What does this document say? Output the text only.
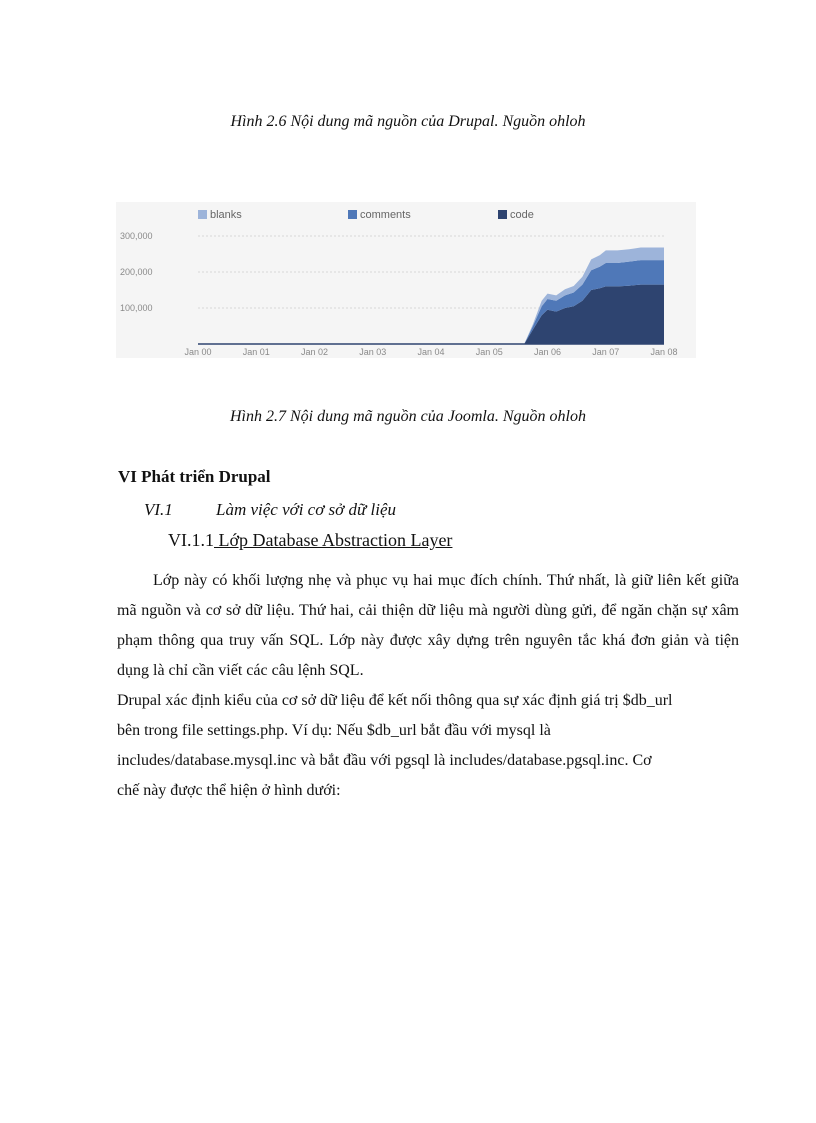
Hình 2.6 Nội dung mã nguồn của Drupal. Nguồn ohloh
blanks	comments	code
100,000
200,000
300,000
Jan 00	Jan 01	Jan 02	Jan 03	Jan 04	Jan 05	Jan 06	Jan 07	Jan 08
Hình 2.7 Nội dung mã nguồn của Joomla. Nguồn ohloh
VI Phát triển Drupal
VI.1	Làm việc với cơ sở dữ liệu
VI.1.1 Lớp Database Abstraction Layer

Lớp này có khối lượng nhẹ và phục vụ hai mục đích chính. Thứ nhất, là giữ liên kết giữa mã nguồn và cơ sở dữ liệu. Thứ hai, cải thiện dữ liệu mà người dùng gửi, để ngăn chặn sự xâm phạm thông qua truy vấn SQL. Lớp này được xây dựng trên nguyên tắc khá đơn giản và tiện dụng là chỉ cần viết các câu lệnh SQL.

Drupal xác định kiểu của cơ sở dữ liệu để kết nối thông qua sự xác định giá trị $db_url
bên trong file settings.php. Ví dụ: Nếu $db_url bắt đầu với mysql là
includes/database.mysql.inc và bắt đầu với pgsql là includes/database.pgsql.inc. Cơ
chế này được thể hiện ở hình dưới:
